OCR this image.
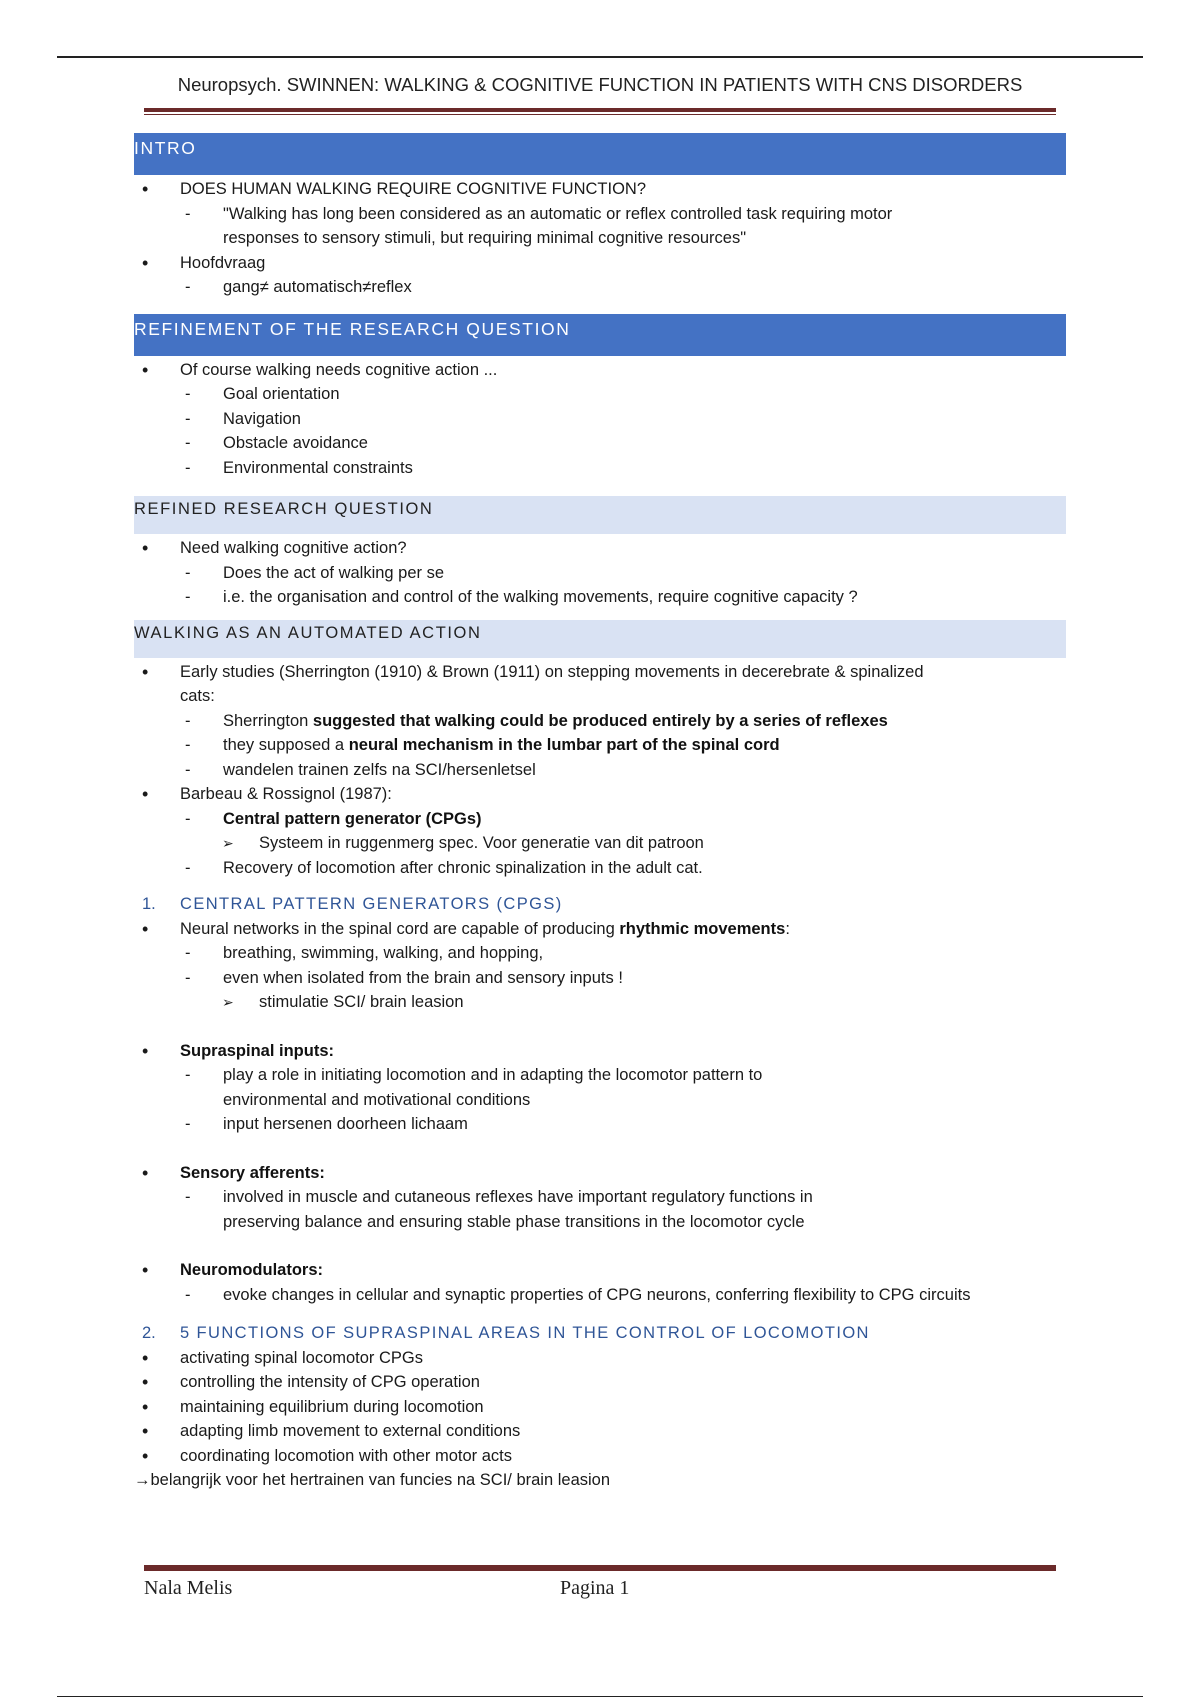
Neuropsych. SWINNEN: WALKING & COGNITIVE FUNCTION IN PATIENTS WITH CNS DISORDERS
INTRO
• DOES HUMAN WALKING REQUIRE COGNITIVE FUNCTION?
- "Walking has long been considered as an automatic or reflex controlled task requiring motor
responses to sensory stimuli, but requiring minimal cognitive resources"
• Hoofdvraag
- gang≠ automatisch≠reflex
REFINEMENT OF THE RESEARCH QUESTION
• Of course walking needs cognitive action ...
- Goal orientation
- Navigation
- Obstacle avoidance
- Environmental constraints
REFINED RESEARCH QUESTION
• Need walking cognitive action?
- Does the act of walking per se
- i.e. the organisation and control of the walking movements, require cognitive capacity ?
WALKING AS AN AUTOMATED ACTION
• Early studies (Sherrington (1910) & Brown (1911) on stepping movements in decerebrate & spinalized
cats:
- Sherrington suggested that walking could be produced entirely by a series of reflexes
- they supposed a neural mechanism in the lumbar part of the spinal cord
- wandelen trainen zelfs na SCI/hersenletsel
• Barbeau & Rossignol (1987):
- Central pattern generator (CPGs)
➢ Systeem in ruggenmerg spec. Voor generatie van dit patroon
- Recovery of locomotion after chronic spinalization in the adult cat.
1. CENTRAL PATTERN GENERATORS (CPGS)
• Neural networks in the spinal cord are capable of producing rhythmic movements:
- breathing, swimming, walking, and hopping,
- even when isolated from the brain and sensory inputs !
➢ stimulatie SCI/ brain leasion
• Supraspinal inputs:
- play a role in initiating locomotion and in adapting the locomotor pattern to
environmental and motivational conditions
- input hersenen doorheen lichaam
• Sensory afferents:
- involved in muscle and cutaneous reflexes have important regulatory functions in
preserving balance and ensuring stable phase transitions in the locomotor cycle
• Neuromodulators:
- evoke changes in cellular and synaptic properties of CPG neurons, conferring flexibility to CPG circuits
2. 5 FUNCTIONS OF SUPRASPINAL AREAS IN THE CONTROL OF LOCOMOTION
• activating spinal locomotor CPGs
• controlling the intensity of CPG operation
• maintaining equilibrium during locomotion
• adapting limb movement to external conditions
• coordinating locomotion with other motor acts
→belangrijk voor het hertrainen van funcies na SCI/ brain leasion
Nala Melis	Pagina 1
